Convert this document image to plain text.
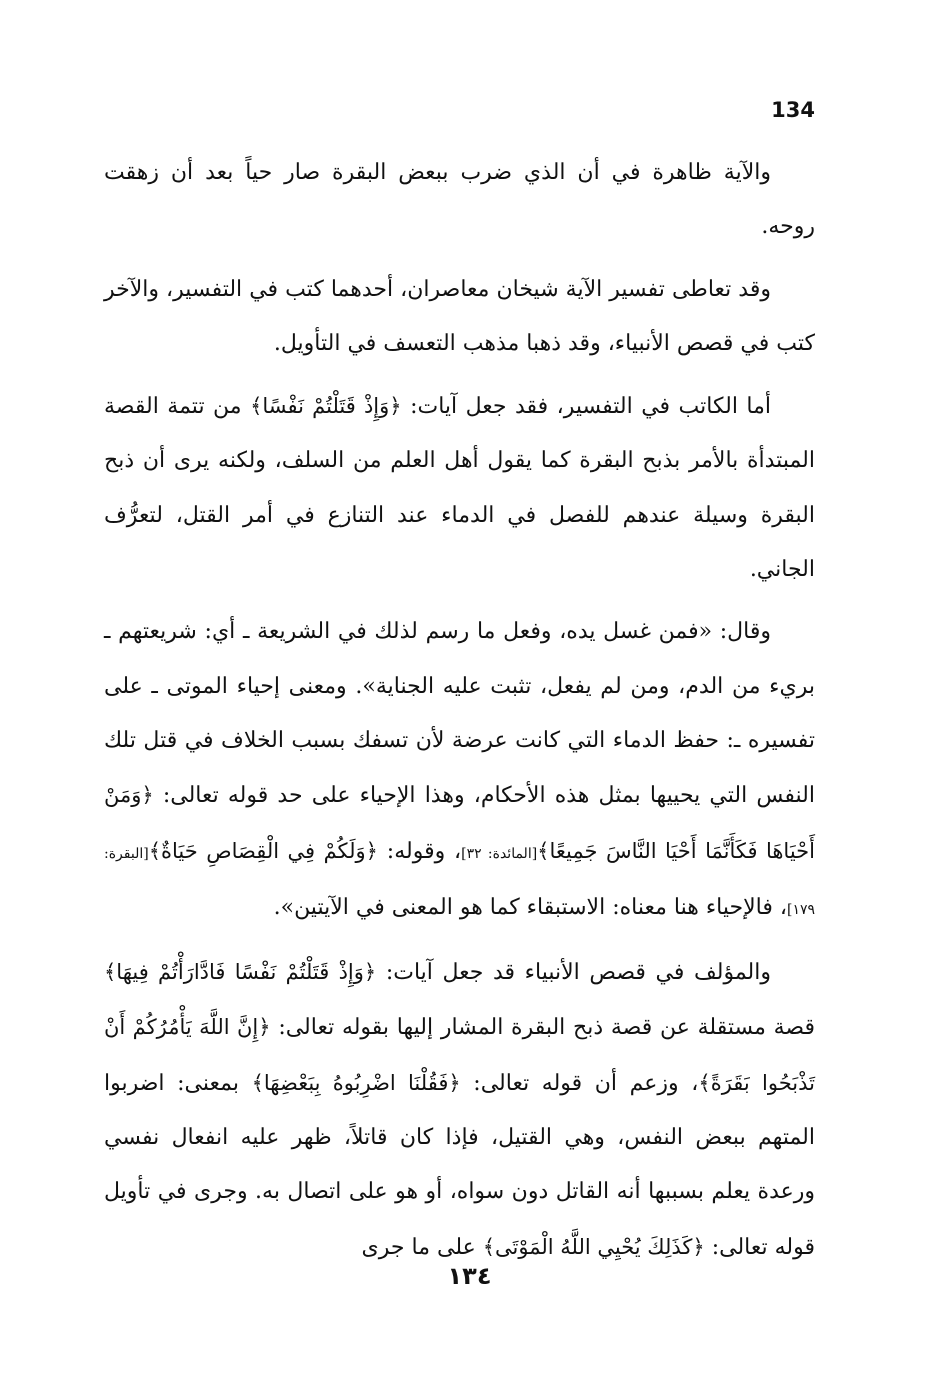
134

والآية ظاهرة في أن الذي ضرب ببعض البقرة صار حياً بعد أن زهقت روحه.

وقد تعاطى تفسير الآية شيخان معاصران، أحدهما كتب في التفسير، والآخر كتب في قصص الأنبياء، وقد ذهبا مذهب التعسف في التأويل.

أما الكاتب في التفسير، فقد جعل آيات: ﴿وَإِذْ قَتَلْتُمْ نَفْسًا﴾ من تتمة القصة المبتدأة بالأمر بذبح البقرة كما يقول أهل العلم من السلف، ولكنه يرى أن ذبح البقرة وسيلة عندهم للفصل في الدماء عند التنازع في أمر القتل، لتعرُّف الجاني.

وقال: «فمن غسل يده، وفعل ما رسم لذلك في الشريعة ـ أي: شريعتهم ـ بريء من الدم، ومن لم يفعل، تثبت عليه الجناية». ومعنى إحياء الموتى ـ على تفسيره ـ: حفظ الدماء التي كانت عرضة لأن تسفك بسبب الخلاف في قتل تلك النفس التي يحييها بمثل هذه الأحكام، وهذا الإحياء على حد قوله تعالى: ﴿وَمَنْ أَحْيَاهَا فَكَأَنَّمَا أَحْيَا النَّاسَ جَمِيعًا﴾[المائدة: ٣٢]، وقوله: ﴿وَلَكُمْ فِي الْقِصَاصِ حَيَاةٌ﴾[البقرة: ١٧٩]، فالإحياء هنا معناه: الاستبقاء كما هو المعنى في الآيتين».

والمؤلف في قصص الأنبياء قد جعل آيات: ﴿وَإِذْ قَتَلْتُمْ نَفْسًا فَادَّارَأْتُمْ فِيهَا﴾ قصة مستقلة عن قصة ذبح البقرة المشار إليها بقوله تعالى: ﴿إِنَّ اللَّهَ يَأْمُرُكُمْ أَنْ تَذْبَحُوا بَقَرَةً﴾، وزعم أن قوله تعالى: ﴿فَقُلْنَا اضْرِبُوهُ بِبَعْضِهَا﴾ بمعنى: اضربوا المتهم ببعض النفس، وهي القتيل، فإذا كان قاتلاً، ظهر عليه انفعال نفسي ورعدة يعلم بسببها أنه القاتل دون سواه، أو هو على اتصال به. وجرى في تأويل قوله تعالى: ﴿كَذَلِكَ يُحْيِي اللَّهُ الْمَوْتَى﴾ على ما جرى

١٣٤
